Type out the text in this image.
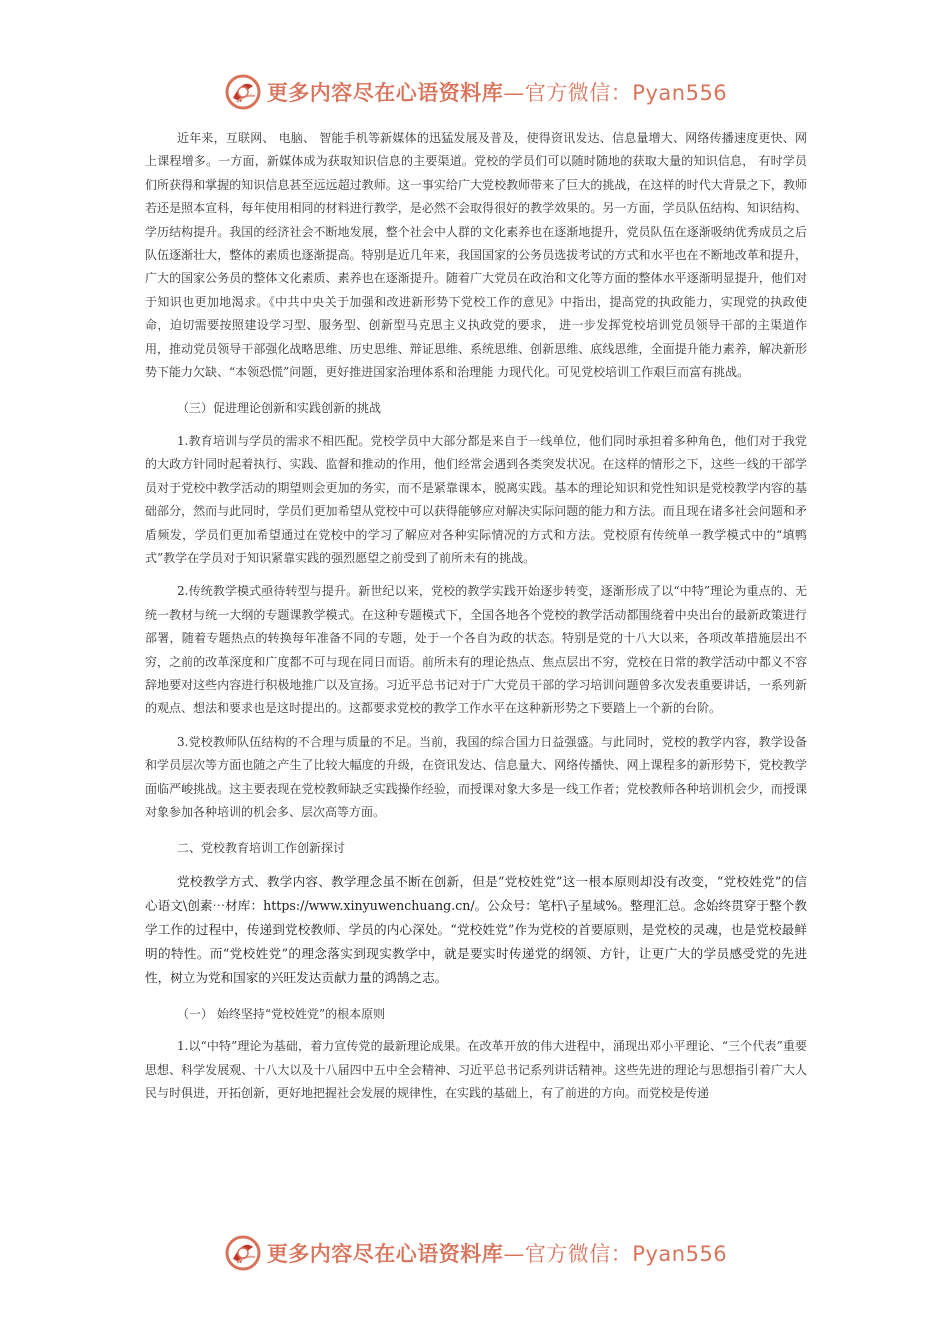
更多内容尽在心语资料库—官方微信：Pyan556

近年来，互联网、 电脑、 智能手机等新媒体的迅猛发展及普及，使得资讯发达、信息量增大、网络传播速度更快、网上课程增多。一方面，新媒体成为获取知识信息的主要渠道。党校的学员们可以随时随地的获取大量的知识信息， 有时学员们所获得和掌握的知识信息甚至远远超过教师。这一事实给广大党校教师带来了巨大的挑战，在这样的时代大背景之下，教师若还是照本宣科，每年使用相同的材料进行教学，是必然不会取得很好的教学效果的。另一方面，学员队伍结构、知识结构、学历结构提升。我国的经济社会不断地发展，整个社会中人群的文化素养也在逐渐地提升，党员队伍在逐渐吸纳优秀成员之后队伍逐渐壮大，整体的素质也逐渐提高。特别是近几年来，我国国家的公务员选拔考试的方式和水平也在不断地改革和提升，广大的国家公务员的整体文化素质、素养也在逐渐提升。随着广大党员在政治和文化等方面的整体水平逐渐明显提升，他们对于知识也更加地渴求。《中共中央关于加强和改进新形势下党校工作的意见》中指出，提高党的执政能力，实现党的执政使命，迫切需要按照建设学习型、服务型、创新型马克思主义执政党的要求， 进一步发挥党校培训党员领导干部的主渠道作用，推动党员领导干部强化战略思维、历史思维、辩证思维、系统思维、创新思维、底线思维，全面提升能力素养，解决新形势下能力欠缺、“本领恐慌”问题，更好推进国家治理体系和治理能 力现代化。可见党校培训工作艰巨而富有挑战。

（三）促进理论创新和实践创新的挑战

1.教育培训与学员的需求不相匹配。党校学员中大部分都是来自于一线单位，他们同时承担着多种角色，他们对于我党的大政方针同时起着执行、实践、监督和推动的作用，他们经常会遇到各类突发状况。在这样的情形之下，这些一线的干部学员对于党校中教学活动的期望则会更加的务实，而不是紧靠课本，脱离实践。基本的理论知识和党性知识是党校教学内容的基础部分，然而与此同时，学员们更加希望从党校中可以获得能够应对解决实际问题的能力和方法。而且现在诸多社会问题和矛盾频发，学员们更加希望通过在党校中的学习了解应对各种实际情况的方式和方法。党校原有传统单一教学模式中的“填鸭式”教学在学员对于知识紧靠实践的强烈愿望之前受到了前所未有的挑战。

2.传统教学模式亟待转型与提升。新世纪以来，党校的教学实践开始逐步转变，逐渐形成了以“中特”理论为重点的、无统一教材与统一大纲的专题课教学模式。在这种专题模式下，全国各地各个党校的教学活动都围绕着中央出台的最新政策进行部署，随着专题热点的转换每年准备不同的专题，处于一个各自为政的状态。特别是党的十八大以来，各项改革措施层出不穷，之前的改革深度和广度都不可与现在同日而语。前所未有的理论热点、焦点层出不穷，党校在日常的教学活动中都义不容辞地要对这些内容进行积极地推广以及宣扬。习近平总书记对于广大党员干部的学习培训问题曾多次发表重要讲话，一系列新的观点、想法和要求也是这时提出的。这都要求党校的教学工作水平在这种新形势之下要踏上一个新的台阶。

3.党校教师队伍结构的不合理与质量的不足。当前，我国的综合国力日益强盛。与此同时，党校的教学内容，教学设备和学员层次等方面也随之产生了比较大幅度的升级，在资讯发达、信息量大、网络传播快、网上课程多的新形势下，党校教学面临严峻挑战。这主要表现在党校教师缺乏实践操作经验，而授课对象大多是一线工作者；党校教师各种培训机会少，而授课对象参加各种培训的机会多、层次高等方面。

二、党校教育培训工作创新探讨

党校教学方式、教学内容、教学理念虽不断在创新，但是“党校姓党”这一根本原则却没有改变，“党校姓党”的信心语文\创素⋯材库：https://www.xinyuwenchuang.cn/。公众号：笔杆\子星域%。整理汇总。念始终贯穿于整个教学工作的过程中，传递到党校教师、学员的内心深处。“党校姓党”作为党校的首要原则，是党校的灵魂，也是党校最鲜明的特性。而“党校姓党”的理念落实到现实教学中，就是要实时传递党的纲领、方针，让更广大的学员感受党的先进性，树立为党和国家的兴旺发达贡献力量的鸿鹄之志。

（一） 始终坚持“党校姓党”的根本原则

1.以“中特”理论为基础，着力宣传党的最新理论成果。在改革开放的伟大进程中，涌现出邓小平理论、“三个代表”重要思想、科学发展观、十八大以及十八届四中五中全会精神、习近平总书记系列讲话精神。这些先进的理论与思想指引着广大人民与时俱进，开拓创新，更好地把握社会发展的规律性，在实践的基础上，有了前进的方向。而党校是传递

更多内容尽在心语资料库—官方微信：Pyan556
